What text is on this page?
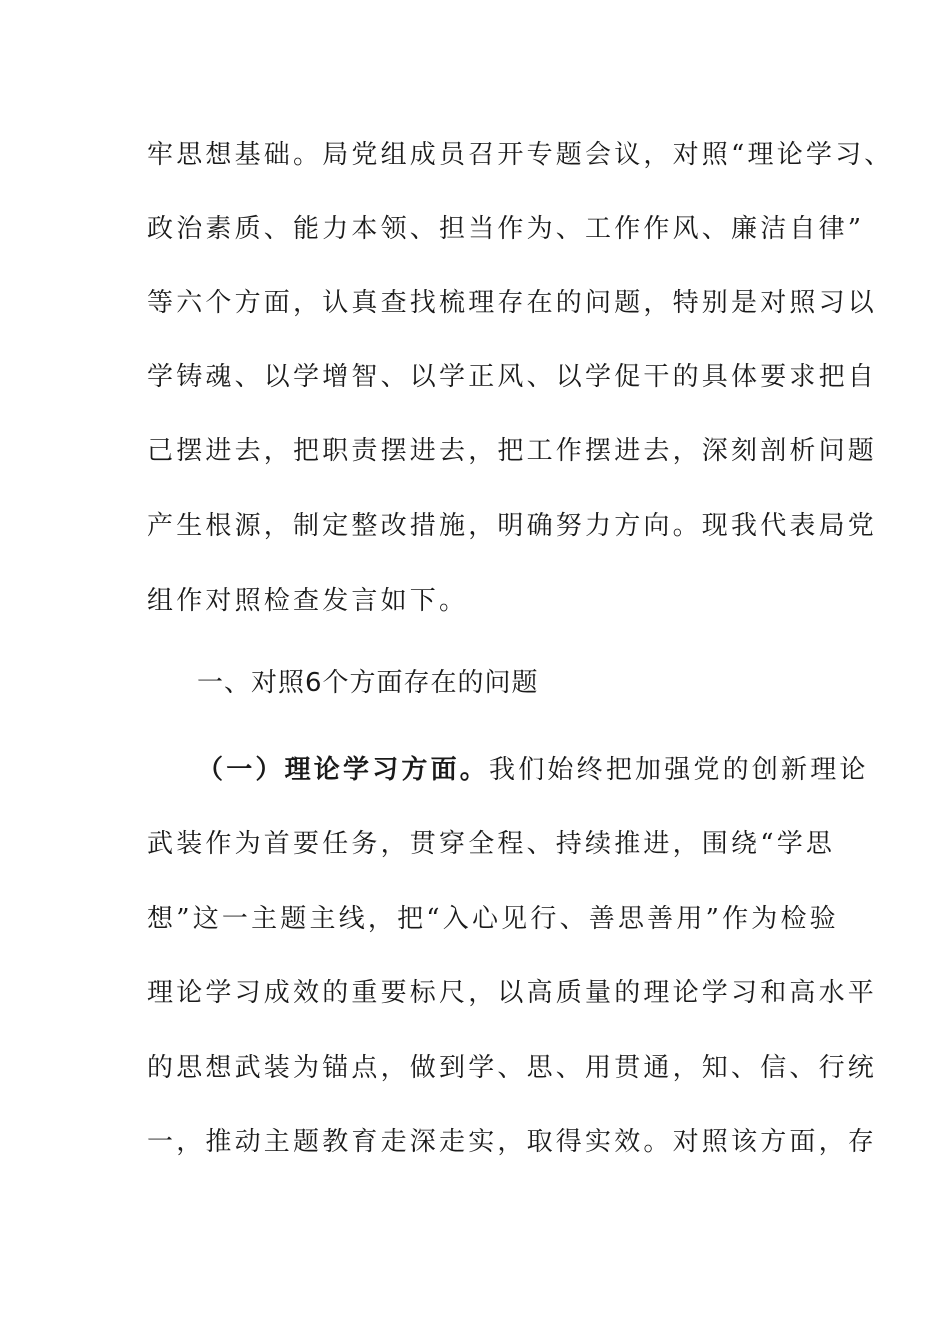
牢思想基础。局党组成员召开专题会议，对照“理论学习、
政治素质、能力本领、担当作为、工作作风、廉洁自律”
等六个方面，认真查找梳理存在的问题，特别是对照习以
学铸魂、以学增智、以学正风、以学促干的具体要求把自
己摆进去，把职责摆进去，把工作摆进去，深刻剖析问题
产生根源，制定整改措施，明确努力方向。现我代表局党
组作对照检查发言如下。
一、对照6个方面存在的问题
（一）理论学习方面。我们始终把加强党的创新理论
武装作为首要任务，贯穿全程、持续推进，围绕“学思
想”这一主题主线，把“入心见行、善思善用”作为检验
理论学习成效的重要标尺，以高质量的理论学习和高水平
的思想武装为锚点，做到学、思、用贯通，知、信、行统
一，推动主题教育走深走实，取得实效。对照该方面，存
